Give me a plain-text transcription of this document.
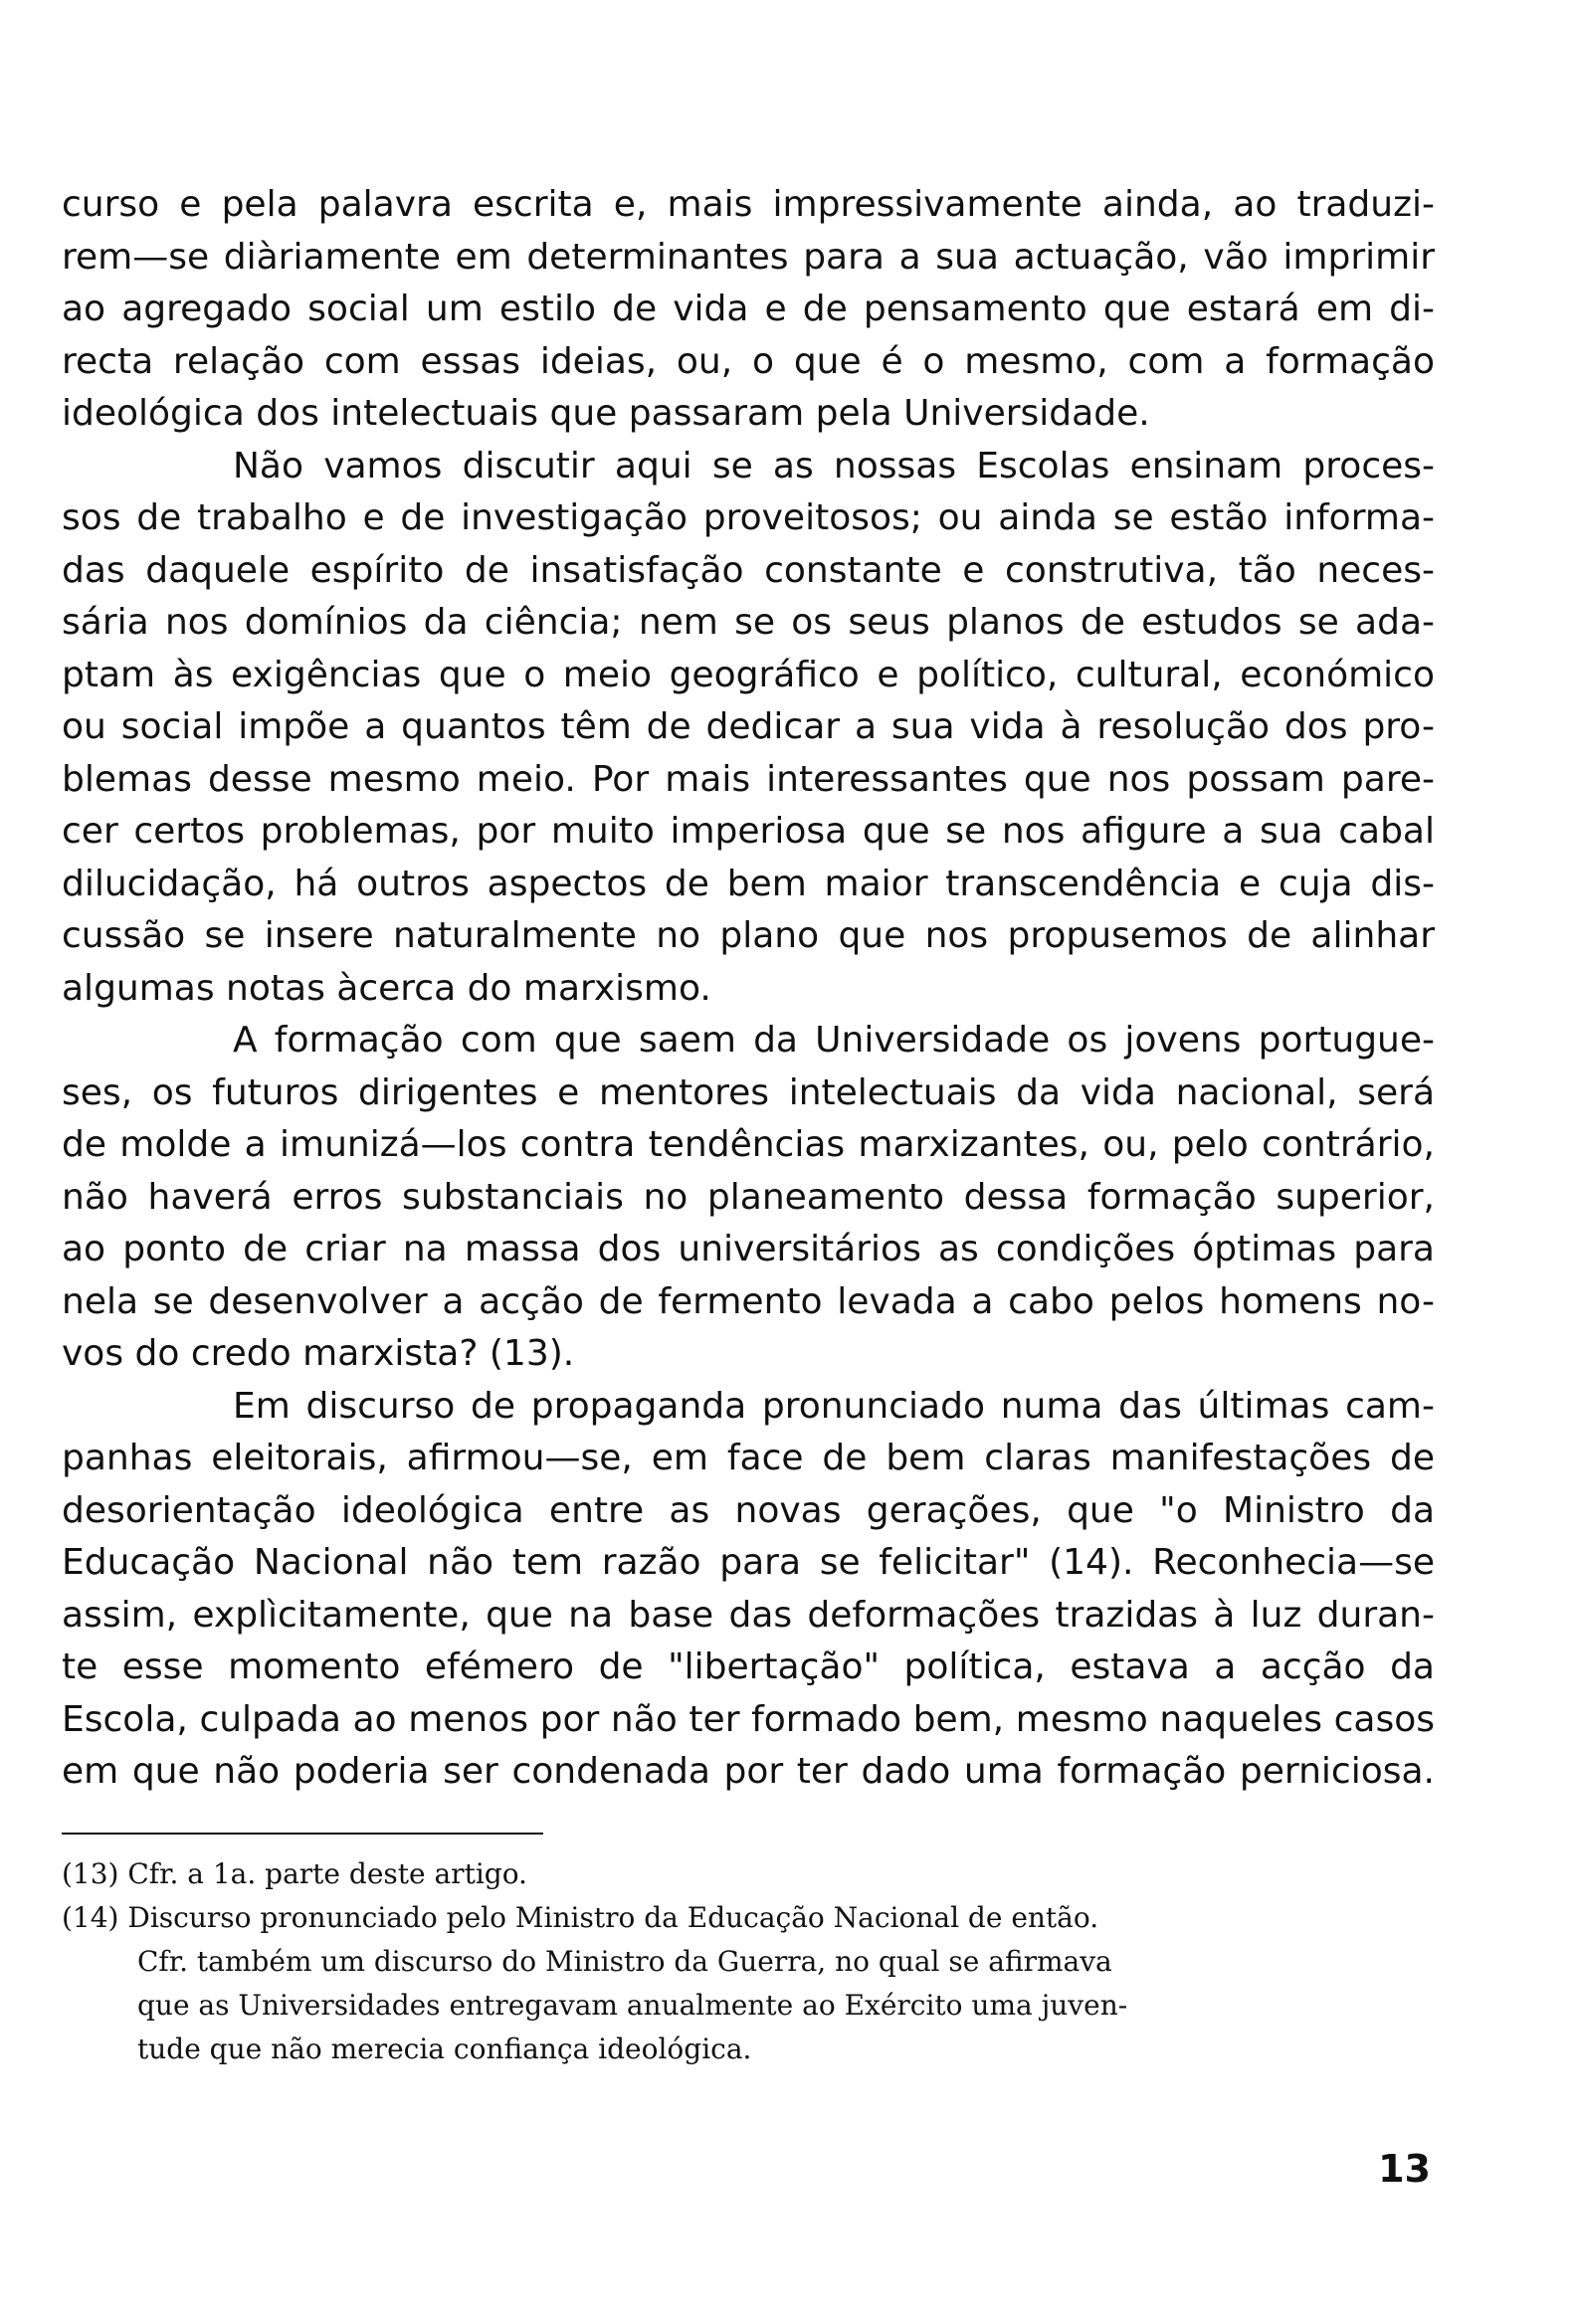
curso e pela palavra escrita e, mais impressivamente ainda, ao traduzi-
rem—se diàriamente em determinantes para a sua actuação, vão imprimir
ao agregado social um estilo de vida e de pensamento que estará em di-
recta relação com essas ideias, ou, o que é o mesmo, com a formação
ideológica dos intelectuais que passaram pela Universidade.
Não vamos discutir aqui se as nossas Escolas ensinam proces-
sos de trabalho e de investigação proveitosos; ou ainda se estão informa-
das daquele espírito de insatisfação constante e construtiva, tão neces-
sária nos domínios da ciência; nem se os seus planos de estudos se ada-
ptam às exigências que o meio geográfico e político, cultural, económico
ou social impõe a quantos têm de dedicar a sua vida à resolução dos pro-
blemas desse mesmo meio. Por mais interessantes que nos possam pare-
cer certos problemas, por muito imperiosa que se nos afigure a sua cabal
dilucidação, há outros aspectos de bem maior transcendência e cuja dis-
cussão se insere naturalmente no plano que nos propusemos de alinhar
algumas notas àcerca do marxismo.
A formação com que saem da Universidade os jovens portugue-
ses, os futuros dirigentes e mentores intelectuais da vida nacional, será
de molde a imunizá—los contra tendências marxizantes, ou, pelo contrário,
não haverá erros substanciais no planeamento dessa formação superior,
ao ponto de criar na massa dos universitários as condições óptimas para
nela se desenvolver a acção de fermento levada a cabo pelos homens no-
vos do credo marxista? (13).
Em discurso de propaganda pronunciado numa das últimas cam-
panhas eleitorais, afirmou—se, em face de bem claras manifestações de
desorientação ideológica entre as novas gerações, que "o Ministro da
Educação Nacional não tem razão para se felicitar" (14). Reconhecia—se
assim, explìcitamente, que na base das deformações trazidas à luz duran-
te esse momento efémero de "libertação" política, estava a acção da
Escola, culpada ao menos por não ter formado bem, mesmo naqueles casos
em que não poderia ser condenada por ter dado uma formação perniciosa.
(13) Cfr. a 1a. parte deste artigo.
(14) Discurso pronunciado pelo Ministro da Educação Nacional de então.
Cfr. também um discurso do Ministro da Guerra, no qual se afirmava
que as Universidades entregavam anualmente ao Exército uma juven-
tude que não merecia confiança ideológica.
13
